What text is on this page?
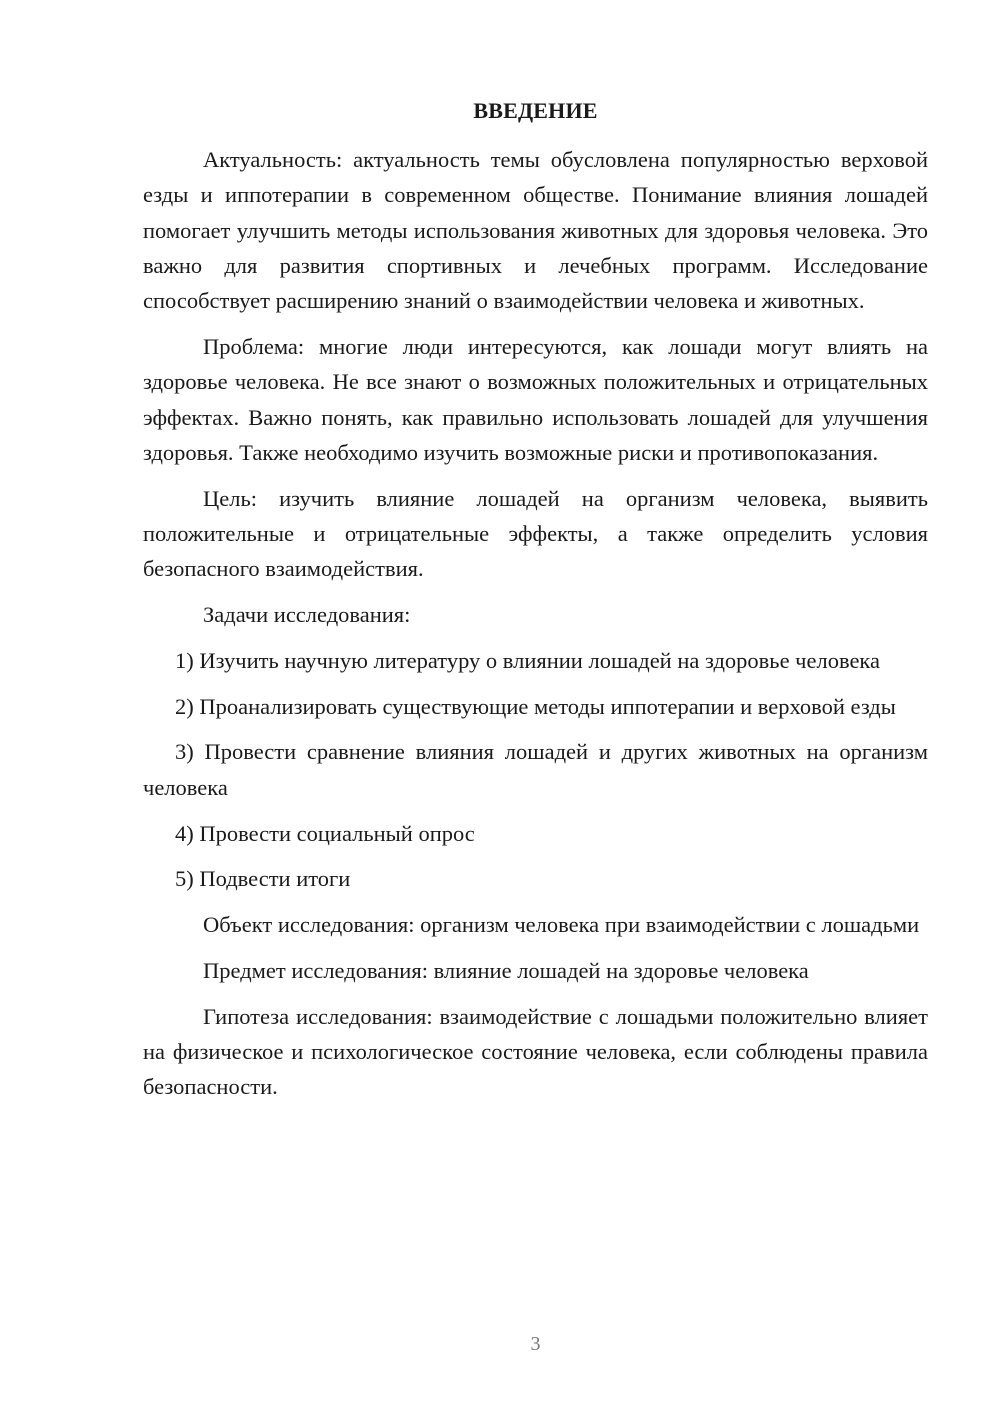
ВВЕДЕНИЕ

Актуальность: актуальность темы обусловлена популярностью верховой езды и иппотерапии в современном обществе. Понимание влияния лошадей помогает улучшить методы использования животных для здоровья человека. Это важно для развития спортивных и лечебных программ. Исследование способствует расширению знаний о взаимодействии человека и животных.

Проблема: многие люди интересуются, как лошади могут влиять на здоровье человека. Не все знают о возможных положительных и отрицательных эффектах. Важно понять, как правильно использовать лошадей для улучшения здоровья. Также необходимо изучить возможные риски и противопоказания.

Цель: изучить влияние лошадей на организм человека, выявить положительные и отрицательные эффекты, а также определить условия безопасного взаимодействия.

Задачи исследования:

1) Изучить научную литературу о влиянии лошадей на здоровье человека

2) Проанализировать существующие методы иппотерапии и верховой езды

3) Провести сравнение влияния лошадей и других животных на организм человека

4) Провести социальный опрос

5) Подвести итоги

Объект исследования: организм человека при взаимодействии с лошадьми

Предмет исследования: влияние лошадей на здоровье человека

Гипотеза исследования: взаимодействие с лошадьми положительно влияет на физическое и психологическое состояние человека, если соблюдены правила безопасности.

3
